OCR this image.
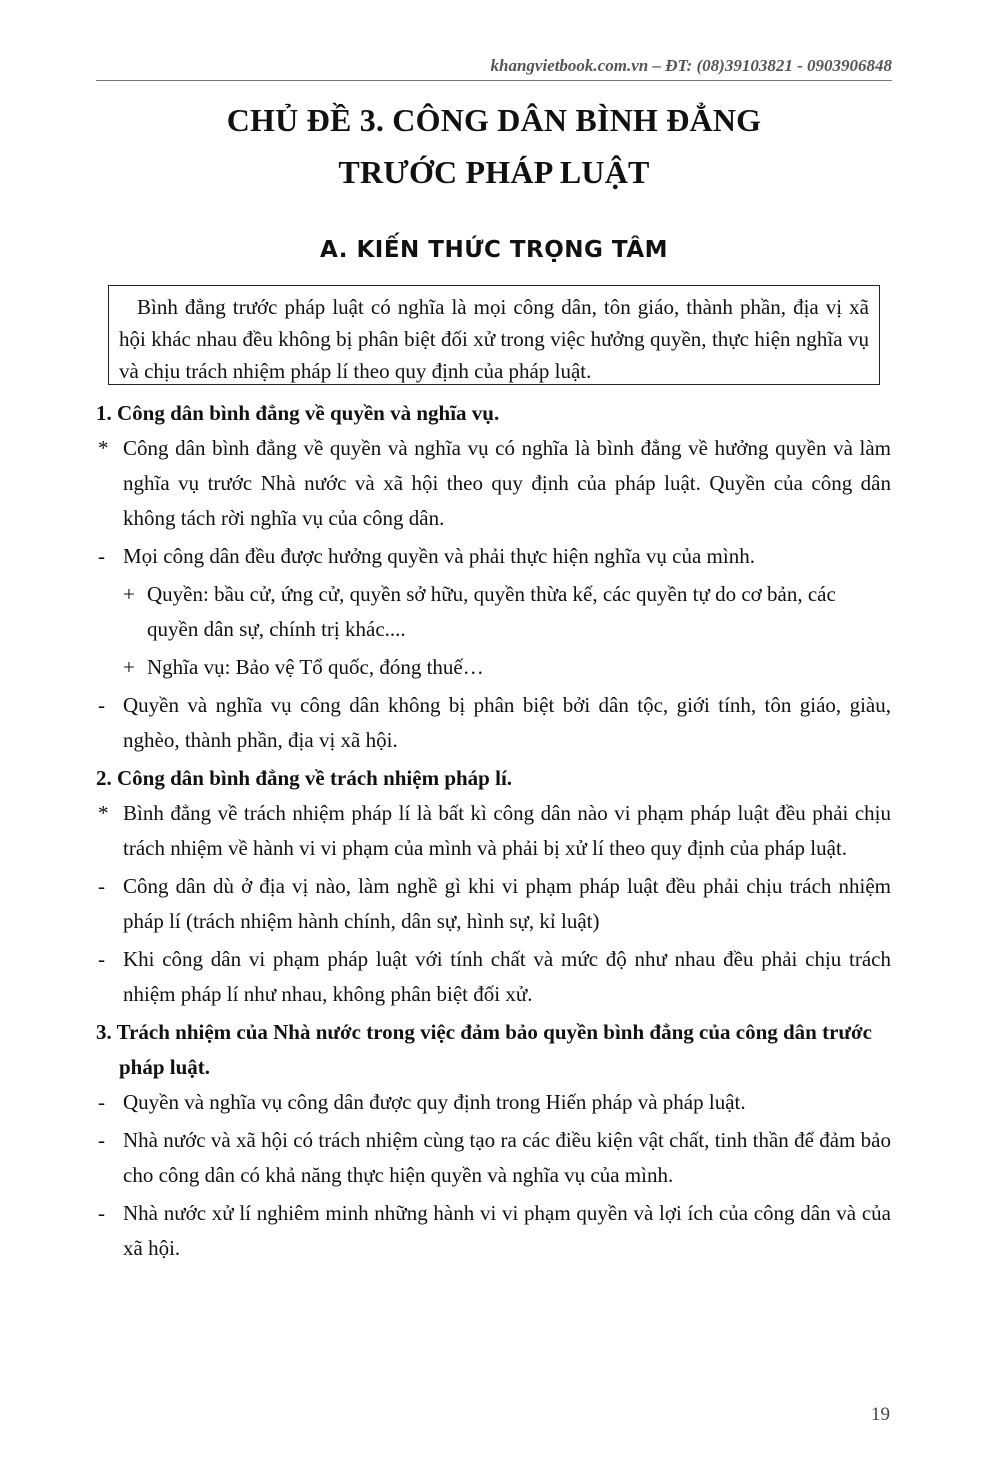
khangvietbook.com.vn – ĐT: (08)39103821 - 0903906848
CHỦ ĐỀ 3. CÔNG DÂN BÌNH ĐẲNG
TRƯỚC PHÁP LUẬT
A. KIẾN THỨC TRỌNG TÂM

Bình đẳng trước pháp luật có nghĩa là mọi công dân, tôn giáo, thành phần, địa vị xã hội khác nhau đều không bị phân biệt đối xử trong việc hưởng quyền, thực hiện nghĩa vụ và chịu trách nhiệm pháp lí theo quy định của pháp luật.

1. Công dân bình đẳng về quyền và nghĩa vụ.

* Công dân bình đẳng về quyền và nghĩa vụ có nghĩa là bình đẳng về hưởng quyền và làm nghĩa vụ trước Nhà nước và xã hội theo quy định của pháp luật. Quyền của công dân không tách rời nghĩa vụ của công dân.
- Mọi công dân đều được hưởng quyền và phải thực hiện nghĩa vụ của mình.
+ Quyền: bầu cử, ứng cử, quyền sở hữu, quyền thừa kế, các quyền tự do cơ bản, các quyền dân sự, chính trị khác....
+ Nghĩa vụ: Bảo vệ Tổ quốc, đóng thuế…
- Quyền và nghĩa vụ công dân không bị phân biệt bởi dân tộc, giới tính, tôn giáo, giàu, nghèo, thành phần, địa vị xã hội.

2. Công dân bình đẳng về trách nhiệm pháp lí.

* Bình đẳng về trách nhiệm pháp lí là bất kì công dân nào vi phạm pháp luật đều phải chịu trách nhiệm về hành vi vi phạm của mình và phải bị xử lí theo quy định của pháp luật.
- Công dân dù ở địa vị nào, làm nghề gì khi vi phạm pháp luật đều phải chịu trách nhiệm pháp lí (trách nhiệm hành chính, dân sự, hình sự, kỉ luật)
- Khi công dân vi phạm pháp luật với tính chất và mức độ như nhau đều phải chịu trách nhiệm pháp lí như nhau, không phân biệt đối xử.

3. Trách nhiệm của Nhà nước trong việc đảm bảo quyền bình đẳng của công dân trước pháp luật.

- Quyền và nghĩa vụ công dân được quy định trong Hiến pháp và pháp luật.
- Nhà nước và xã hội có trách nhiệm cùng tạo ra các điều kiện vật chất, tinh thần để đảm bảo cho công dân có khả năng thực hiện quyền và nghĩa vụ của mình.
- Nhà nước xử lí nghiêm minh những hành vi vi phạm quyền và lợi ích của công dân và của xã hội.
19
